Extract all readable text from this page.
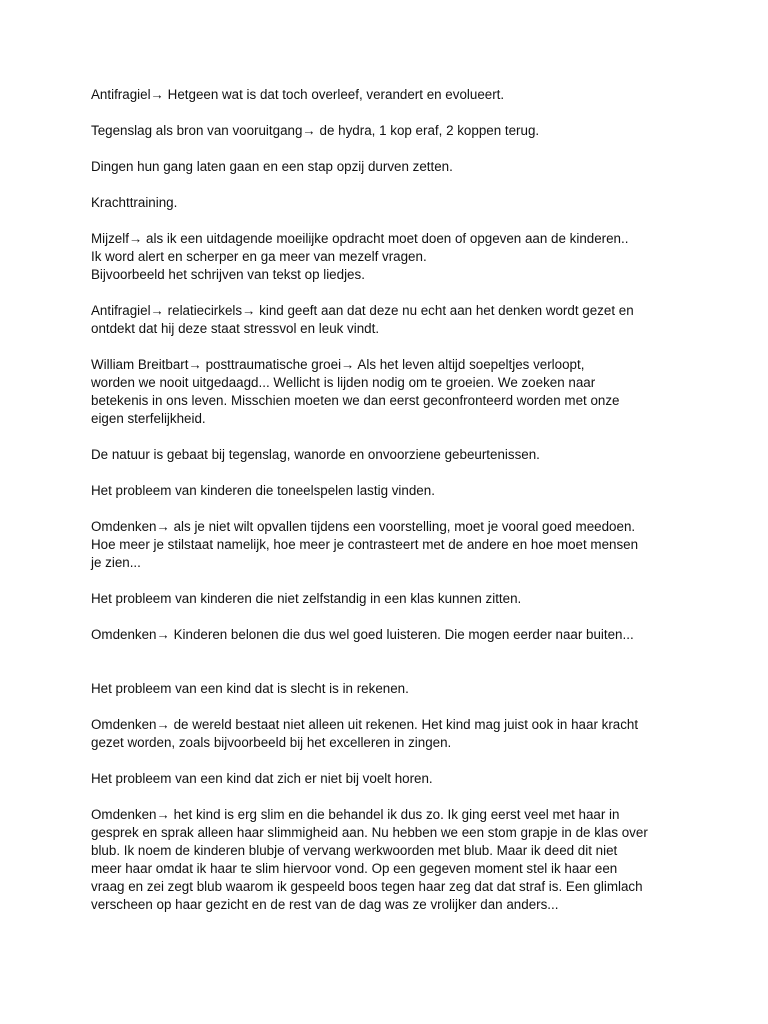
Antifragiel→ Hetgeen wat is dat toch overleef, verandert en evolueert.
Tegenslag als bron van vooruitgang→ de hydra, 1 kop eraf, 2 koppen terug.
Dingen hun gang laten gaan en een stap opzij durven zetten.
Krachttraining.
Mijzelf→ als ik een uitdagende moeilijke opdracht moet doen of opgeven aan de kinderen..
Ik word alert en scherper en ga meer van mezelf vragen.
Bijvoorbeeld het schrijven van tekst op liedjes.
Antifragiel→ relatiecirkels→ kind geeft aan dat deze nu echt aan het denken wordt gezet en
ontdekt dat hij deze staat stressvol en leuk vindt.
William Breitbart→ posttraumatische groei→ Als het leven altijd soepeltjes verloopt,
worden we nooit uitgedaagd... Wellicht is lijden nodig om te groeien. We zoeken naar
betekenis in ons leven. Misschien moeten we dan eerst geconfronteerd worden met onze
eigen sterfelijkheid.
De natuur is gebaat bij tegenslag, wanorde en onvoorziene gebeurtenissen.
Het probleem van kinderen die toneelspelen lastig vinden.
Omdenken→ als je niet wilt opvallen tijdens een voorstelling, moet je vooral goed meedoen.
Hoe meer je stilstaat namelijk, hoe meer je contrasteert met de andere en hoe moet mensen
je zien...
Het probleem van kinderen die niet zelfstandig in een klas kunnen zitten.
Omdenken→ Kinderen belonen die dus wel goed luisteren. Die mogen eerder naar buiten...
Het probleem van een kind dat is slecht is in rekenen.
Omdenken→ de wereld bestaat niet alleen uit rekenen. Het kind mag juist ook in haar kracht
gezet worden, zoals bijvoorbeeld bij het excelleren in zingen.
Het probleem van een kind dat zich er niet bij voelt horen.
Omdenken→ het kind is erg slim en die behandel ik dus zo. Ik ging eerst veel met haar in
gesprek en sprak alleen haar slimmigheid aan. Nu hebben we een stom grapje in de klas over
blub. Ik noem de kinderen blubje of vervang werkwoorden met blub. Maar ik deed dit niet
meer haar omdat ik haar te slim hiervoor vond. Op een gegeven moment stel ik haar een
vraag en zei zegt blub waarom ik gespeeld boos tegen haar zeg dat dat straf is. Een glimlach
verscheen op haar gezicht en de rest van de dag was ze vrolijker dan anders...
